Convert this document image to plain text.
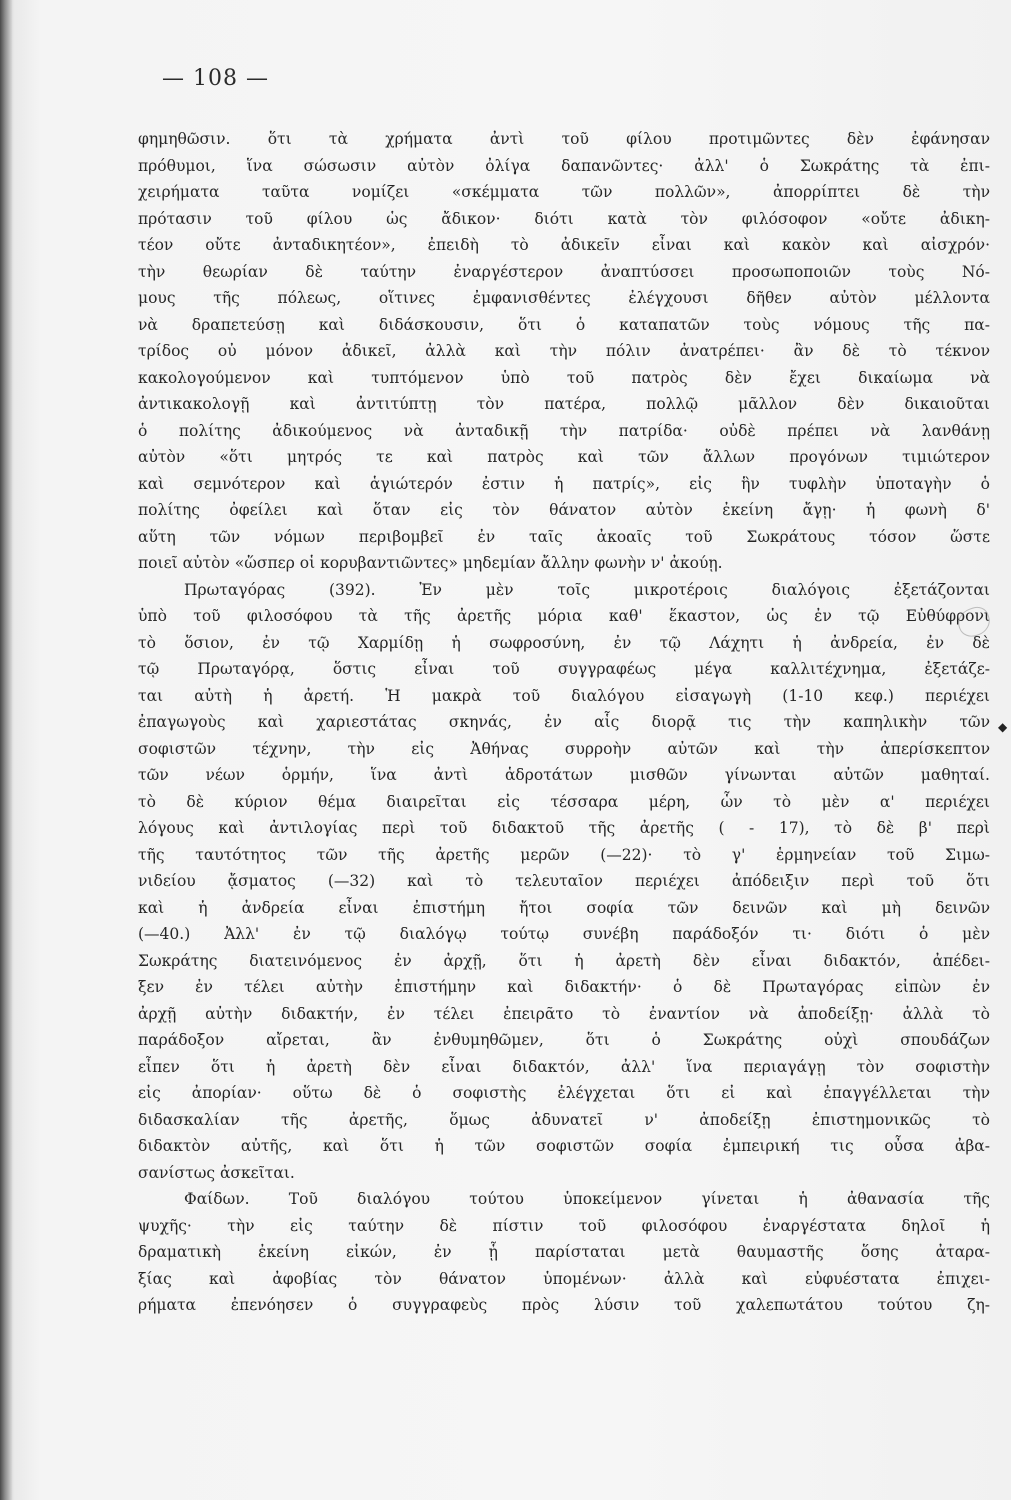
— 108 —
φημηθῶσιν. ὅτι τὰ χρήματα ἀντὶ τοῦ φίλου προτιμῶντες δὲν ἐφάνησαν
πρόθυμοι, ἵνα σώσωσιν αὐτὸν ὀλίγα δαπανῶντες· ἀλλ' ὁ Σωκράτης τὰ ἐπι-
χειρήματα ταῦτα νομίζει «σκέμματα τῶν πολλῶν», ἀπορρίπτει δὲ τὴν
πρότασιν τοῦ φίλου ὡς ἄδικον· διότι κατὰ τὸν φιλόσοφον «οὔτε ἀδικη-
τέον οὔτε ἀνταδικητέον», ἐπειδὴ τὸ ἀδικεῖν εἶναι καὶ κακὸν καὶ αἰσχρόν·
τὴν θεωρίαν δὲ ταύτην ἐναργέστερον ἀναπτύσσει προσωποποιῶν τοὺς Νό-
μους τῆς πόλεως, οἵτινες ἐμφανισθέντες ἐλέγχουσι δῆθεν αὐτὸν μέλλοντα
νὰ δραπετεύσῃ καὶ διδάσκουσιν, ὅτι ὁ καταπατῶν τοὺς νόμους τῆς πα-
τρίδος οὐ μόνον ἀδικεῖ, ἀλλὰ καὶ τὴν πόλιν ἀνατρέπει· ἂν δὲ τὸ τέκνον
κακολογούμενον καὶ τυπτόμενον ὑπὸ τοῦ πατρὸς δὲν ἔχει δικαίωμα νὰ
ἀντικακολογῇ καὶ ἀντιτύπτῃ τὸν πατέρα, πολλῷ μᾶλλον δὲν δικαιοῦται
ὁ πολίτης ἀδικούμενος νὰ ἀνταδικῇ τὴν πατρίδα· οὐδὲ πρέπει νὰ λανθάνῃ
αὐτὸν «ὅτι μητρός τε καὶ πατρὸς καὶ τῶν ἄλλων προγόνων τιμιώτερον
καὶ σεμνότερον καὶ ἁγιώτερόν ἐστιν ἡ πατρίς», εἰς ἣν τυφλὴν ὑποταγὴν ὁ
πολίτης ὀφείλει καὶ ὅταν εἰς τὸν θάνατον αὐτὸν ἐκείνη ἄγῃ· ἡ φωνὴ δ'
αὕτη τῶν νόμων περιβομβεῖ ἐν ταῖς ἀκοαῖς τοῦ Σωκράτους τόσον ὥστε
ποιεῖ αὐτὸν «ὥσπερ οἱ κορυβαντιῶντες» μηδεμίαν ἄλλην φωνὴν ν' ἀκούῃ.
Πρωταγόρας (392). Ἐν μὲν τοῖς μικροτέροις διαλόγοις ἐξετάζονται
ὑπὸ τοῦ φιλοσόφου τὰ τῆς ἀρετῆς μόρια καθ' ἕκαστον, ὡς ἐν τῷ Εὐθύφρονι
τὸ ὅσιον, ἐν τῷ Χαρμίδῃ ἡ σωφροσύνη, ἐν τῷ Λάχητι ἡ ἀνδρεία, ἐν δὲ
τῷ Πρωταγόρᾳ, ὅστις εἶναι τοῦ συγγραφέως μέγα καλλιτέχνημα, ἐξετάζε-
ται αὐτὴ ἡ ἀρετή. Ἡ μακρὰ τοῦ διαλόγου εἰσαγωγὴ (1-10 κεφ.) περιέχει
ἐπαγωγοὺς καὶ χαριεστάτας σκηνάς, ἐν αἷς διορᾷ τις τὴν καπηλικὴν τῶν
σοφιστῶν τέχνην, τὴν εἰς Ἀθήνας συρροὴν αὐτῶν καὶ τὴν ἀπερίσκεπτον
τῶν νέων ὁρμήν, ἵνα ἀντὶ ἁδροτάτων μισθῶν γίνωνται αὐτῶν μαθηταί.
τὸ δὲ κύριον θέμα διαιρεῖται εἰς τέσσαρα μέρη, ὧν τὸ μὲν α' περιέχει
λόγους καὶ ἀντιλογίας περὶ τοῦ διδακτοῦ τῆς ἀρετῆς ( - 17), τὸ δὲ β' περὶ
τῆς ταυτότητος τῶν τῆς ἀρετῆς μερῶν (—22)· τὸ γ' ἑρμηνείαν τοῦ Σιμω-
νιδείου ᾄσματος (—32) καὶ τὸ τελευταῖον περιέχει ἀπόδειξιν περὶ τοῦ ὅτι
καὶ ἡ ἀνδρεία εἶναι ἐπιστήμη ἤτοι σοφία τῶν δεινῶν καὶ μὴ δεινῶν
(—40.) Ἀλλ' ἐν τῷ διαλόγῳ τούτῳ συνέβη παράδοξόν τι· διότι ὁ μὲν
Σωκράτης διατεινόμενος ἐν ἀρχῇ, ὅτι ἡ ἀρετὴ δὲν εἶναι διδακτόν, ἀπέδει-
ξεν ἐν τέλει αὐτὴν ἐπιστήμην καὶ διδακτήν· ὁ δὲ Πρωταγόρας εἰπὼν ἐν
ἀρχῇ αὐτὴν διδακτήν, ἐν τέλει ἐπειρᾶτο τὸ ἐναντίον νὰ ἀποδείξῃ· ἀλλὰ τὸ
παράδοξον αἴρεται, ἂν ἐνθυμηθῶμεν, ὅτι ὁ Σωκράτης οὐχὶ σπουδάζων
εἶπεν ὅτι ἡ ἀρετὴ δὲν εἶναι διδακτόν, ἀλλ' ἵνα περιαγάγῃ τὸν σοφιστὴν
εἰς ἀπορίαν· οὕτω δὲ ὁ σοφιστὴς ἐλέγχεται ὅτι εἰ καὶ ἐπαγγέλλεται τὴν
διδασκαλίαν τῆς ἀρετῆς, ὅμως ἀδυνατεῖ ν' ἀποδείξῃ ἐπιστημονικῶς τὸ
διδακτὸν αὐτῆς, καὶ ὅτι ἡ τῶν σοφιστῶν σοφία ἐμπειρική τις οὖσα ἀβα-
σανίστως ἀσκεῖται.
Φαίδων. Τοῦ διαλόγου τούτου ὑποκείμενον γίνεται ἡ ἀθανασία τῆς
ψυχῆς· τὴν εἰς ταύτην δὲ πίστιν τοῦ φιλοσόφου ἐναργέστατα δηλοῖ ἡ
δραματικὴ ἐκείνη εἰκών, ἐν ᾗ παρίσταται μετὰ θαυμαστῆς ὅσης ἀταρα-
ξίας καὶ ἀφοβίας τὸν θάνατον ὑπομένων· ἀλλὰ καὶ εὐφυέστατα ἐπιχει-
ρήματα ἐπενόησεν ὁ συγγραφεὺς πρὸς λύσιν τοῦ χαλεπωτάτου τούτου ζη-
◆
